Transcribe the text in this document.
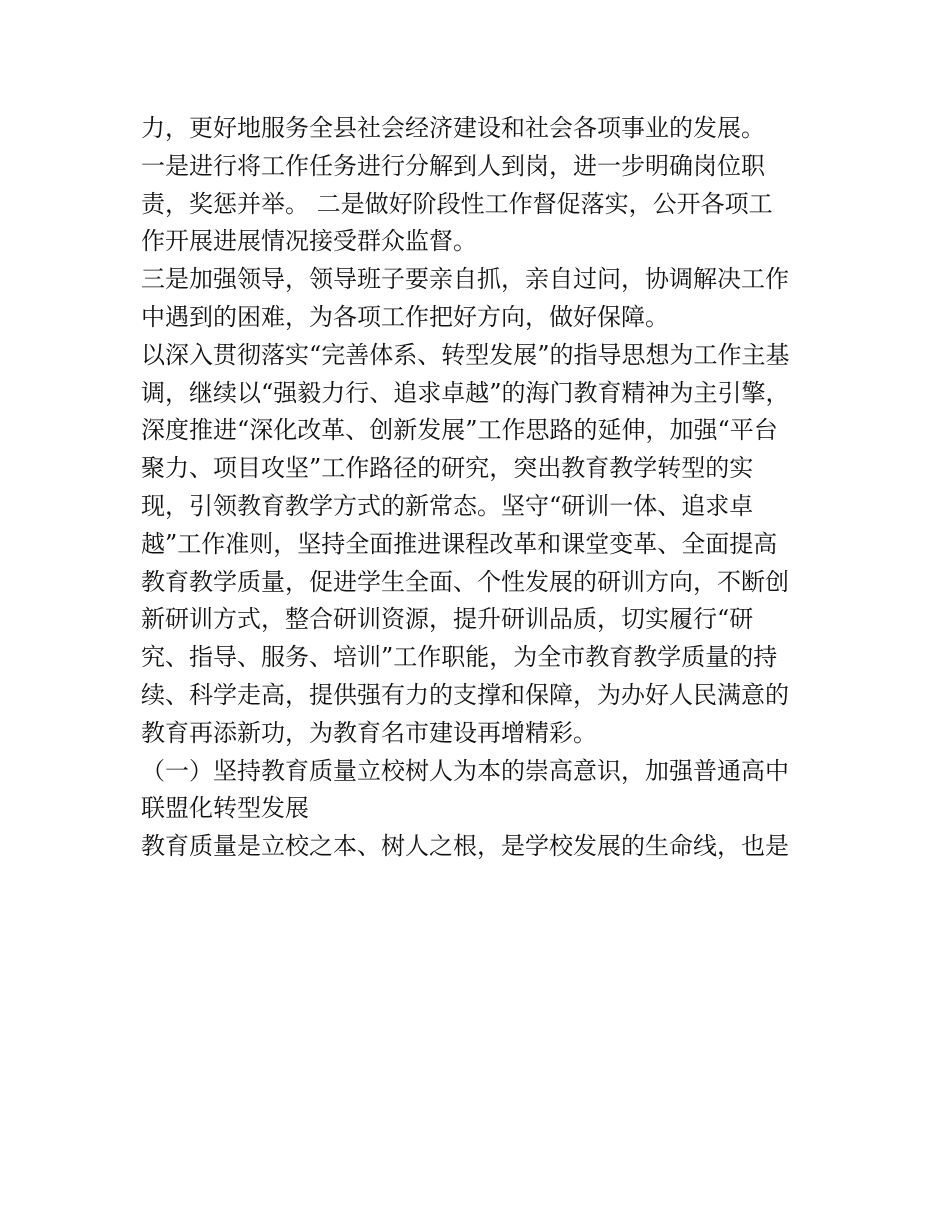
力，更好地服务全县社会经济建设和社会各项事业的发展。
一是进行将工作任务进行分解到人到岗，进一步明确岗位职
责，奖惩并举。 二是做好阶段性工作督促落实，公开各项工
作开展进展情况接受群众监督。
三是加强领导，领导班子要亲自抓，亲自过问，协调解决工作
中遇到的困难，为各项工作把好方向，做好保障。
以深入贯彻落实“完善体系、转型发展”的指导思想为工作主基
调，继续以“强毅力行、追求卓越”的海门教育精神为主引擎，
深度推进“深化改革、创新发展”工作思路的延伸，加强“平台
聚力、项目攻坚”工作路径的研究，突出教育教学转型的实
现，引领教育教学方式的新常态。坚守“研训一体、追求卓
越”工作准则，坚持全面推进课程改革和课堂变革、全面提高
教育教学质量，促进学生全面、个性发展的研训方向，不断创
新研训方式，整合研训资源，提升研训品质，切实履行“研
究、指导、服务、培训”工作职能，为全市教育教学质量的持
续、科学走高，提供强有力的支撑和保障，为办好人民满意的
教育再添新功，为教育名市建设再增精彩。
（一）坚持教育质量立校树人为本的崇高意识，加强普通高中
联盟化转型发展
教育质量是立校之本、树人之根，是学校发展的生命线，也是
